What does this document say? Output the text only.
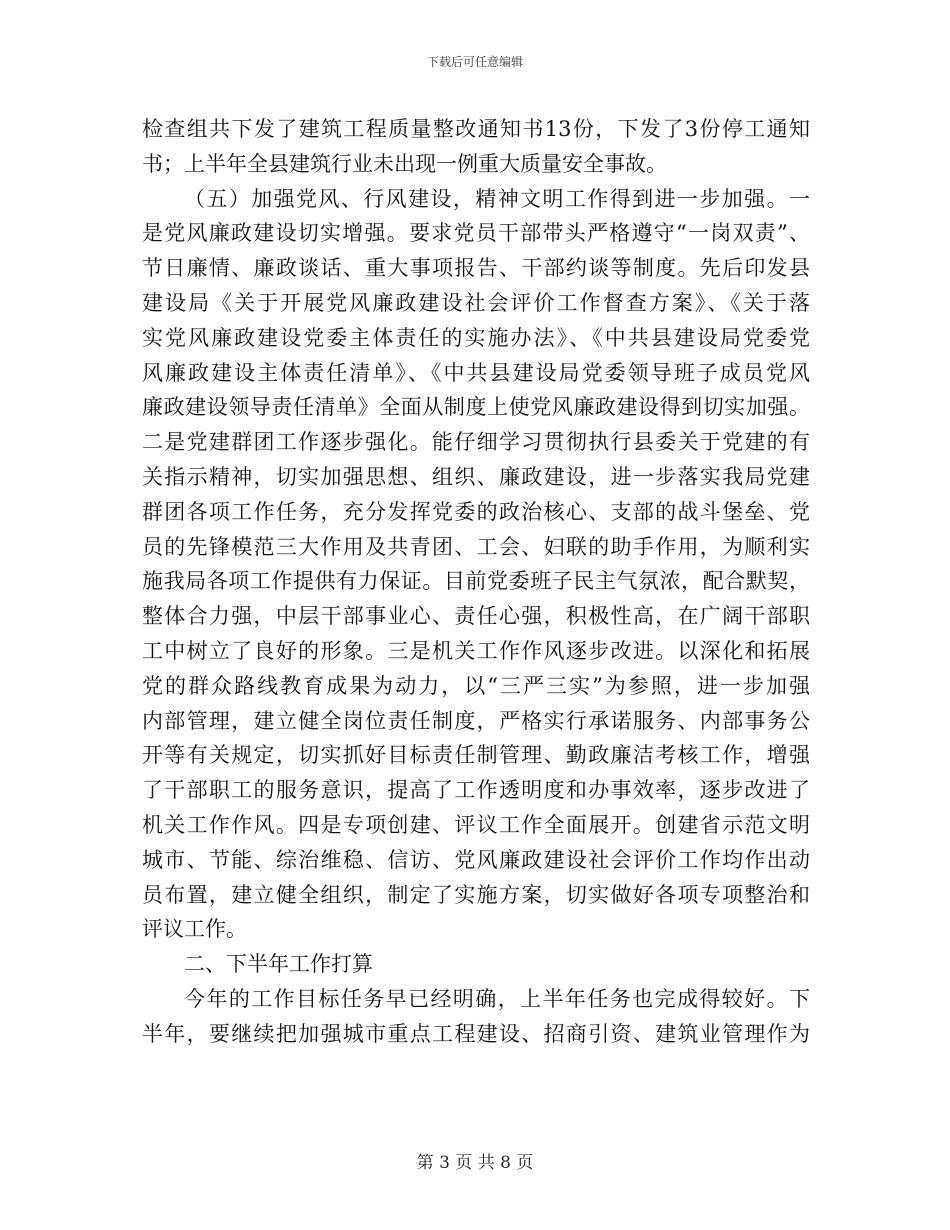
下载后可任意编辑
检查组共下发了建筑工程质量整改通知书13份，下发了3份停工通知
书；上半年全县建筑行业未出现一例重大质量安全事故。
（五）加强党风、行风建设，精神文明工作得到进一步加强。一
是党风廉政建设切实增强。要求党员干部带头严格遵守“一岗双责”、
节日廉情、廉政谈话、重大事项报告、干部约谈等制度。先后印发县
建设局《关于开展党风廉政建设社会评价工作督查方案》、《关于落
实党风廉政建设党委主体责任的实施办法》、《中共县建设局党委党
风廉政建设主体责任清单》、《中共县建设局党委领导班子成员党风
廉政建设领导责任清单》全面从制度上使党风廉政建设得到切实加强。
二是党建群团工作逐步强化。能仔细学习贯彻执行县委关于党建的有
关指示精神，切实加强思想、组织、廉政建设，进一步落实我局党建
群团各项工作任务，充分发挥党委的政治核心、支部的战斗堡垒、党
员的先锋模范三大作用及共青团、工会、妇联的助手作用，为顺利实
施我局各项工作提供有力保证。目前党委班子民主气氛浓，配合默契，
整体合力强，中层干部事业心、责任心强，积极性高，在广阔干部职
工中树立了良好的形象。三是机关工作作风逐步改进。以深化和拓展
党的群众路线教育成果为动力，以“三严三实”为参照，进一步加强
内部管理，建立健全岗位责任制度，严格实行承诺服务、内部事务公
开等有关规定，切实抓好目标责任制管理、勤政廉洁考核工作，增强
了干部职工的服务意识，提高了工作透明度和办事效率，逐步改进了
机关工作作风。四是专项创建、评议工作全面展开。创建省示范文明
城市、节能、综治维稳、信访、党风廉政建设社会评价工作均作出动
员布置，建立健全组织，制定了实施方案，切实做好各项专项整治和
评议工作。
二、下半年工作打算
今年的工作目标任务早已经明确，上半年任务也完成得较好。下
半年，要继续把加强城市重点工程建设、招商引资、建筑业管理作为
第 3 页 共 8 页
